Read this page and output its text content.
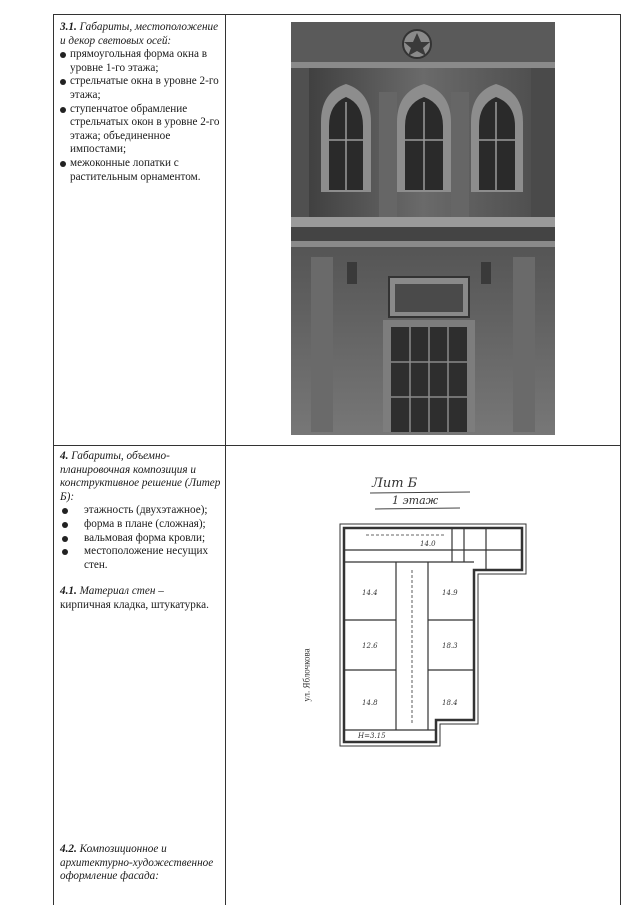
3.1. Габариты, местоположение и декор световых осей:
прямоугольная форма окна в уровне 1-го этажа;
стрельчатые окна в уровне 2-го этажа;
ступенчатое обрамление стрельчатых окон в уровне 2-го этажа; объединенное импостами;
межоконные лопатки с растительным орнаментом.
4. Габариты, объемно-планировочная композиция и конструктивное решение (Литер Б):
этажность (двухэтажное);
форма в плане (сложная);
вальмовая форма кровли;
местоположение несущих стен.
4.1. Материал стен –
кирпичная кладка, штукатурка.
4.2. Композиционное и архитектурно-художественное оформление фасада:
Лит Б
1 этаж
ул. Яблочкова
14.4
12.6
14.8
14.9
18.3
18.4
14.0
H=3.15
